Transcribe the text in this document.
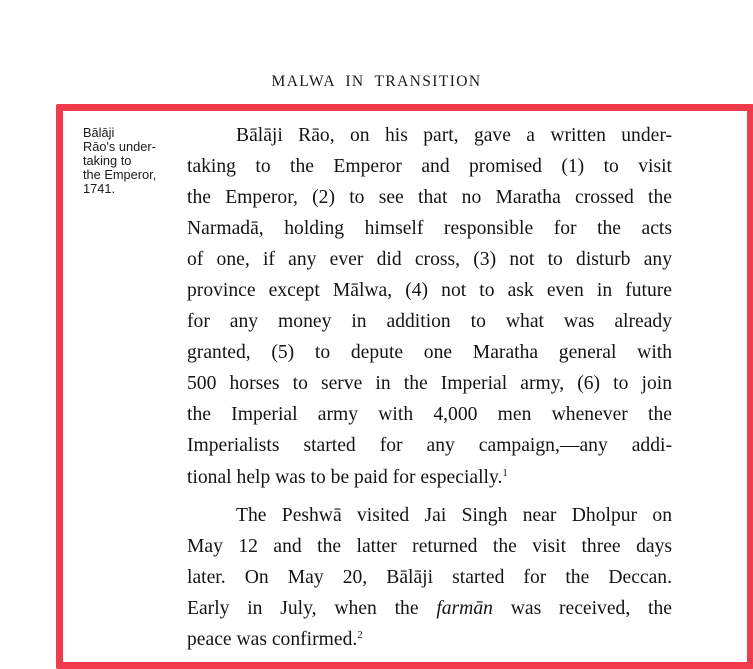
MALWA IN TRANSITION
Bālāji
Rāo's under-
taking to
the Emperor,
1741.
Bālāji Rāo, on his part, gave a written under-
taking to the Emperor and promised (1) to visit
the Emperor, (2) to see that no Maratha crossed the
Narmadā, holding himself responsible for the acts
of one, if any ever did cross, (3) not to disturb any
province except Mālwa, (4) not to ask even in future
for any money in addition to what was already
granted, (5) to depute one Maratha general with
500 horses to serve in the Imperial army, (6) to join
the Imperial army with 4,000 men whenever the
Imperialists started for any campaign,—any addi-
tional help was to be paid for especially.$^1$
The Peshwā visited Jai Singh near Dholpur on
May 12 and the latter returned the visit three days
later. On May 20, Bālāji started for the Deccan.
Early in July, when the farmān was received, the
peace was confirmed.$^2$
